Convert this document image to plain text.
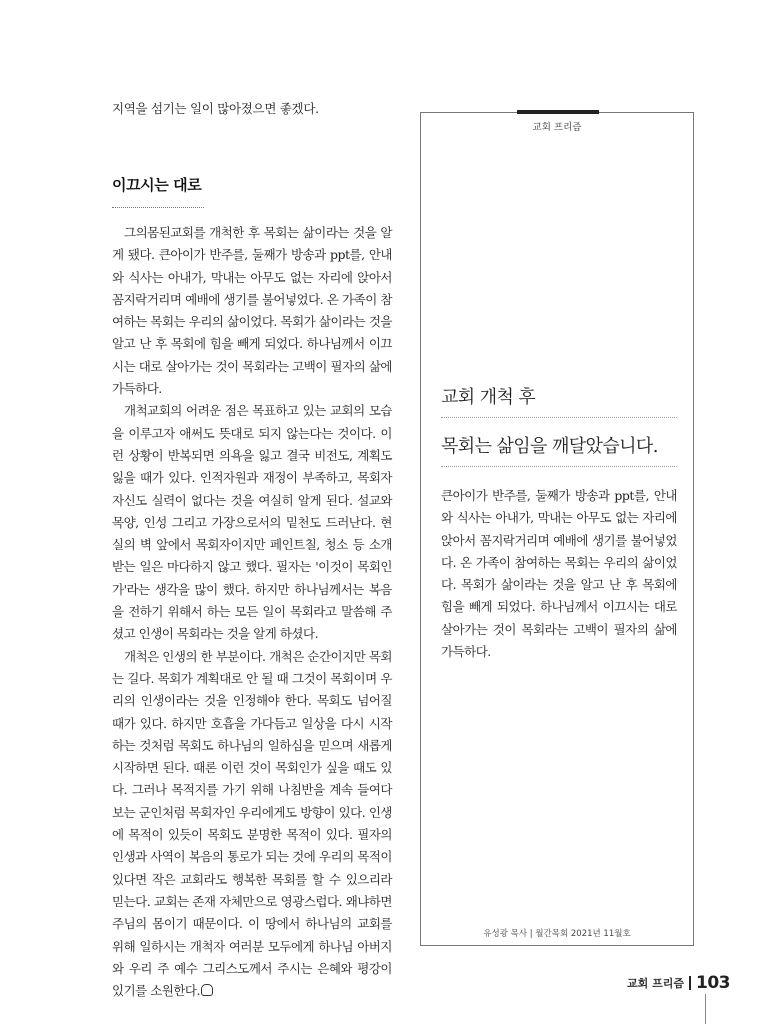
지역을 섬기는 일이 많아졌으면 좋겠다.

이끄시는 대로

그의몸된교회를 개척한 후 목회는 삶이라는 것을 알게 됐다. 큰아이가 반주를, 둘째가 방송과 ppt를, 안내와 식사는 아내가, 막내는 아무도 없는 자리에 앉아서 꼼지락거리며 예배에 생기를 불어넣었다. 온 가족이 참여하는 목회는 우리의 삶이었다. 목회가 삶이라는 것을 알고 난 후 목회에 힘을 빼게 되었다. 하나님께서 이끄시는 대로 살아가는 것이 목회라는 고백이 필자의 삶에 가득하다.

개척교회의 어려운 점은 목표하고 있는 교회의 모습을 이루고자 애써도 뜻대로 되지 않는다는 것이다. 이런 상황이 반복되면 의욕을 잃고 결국 비전도, 계획도 잃을 때가 있다. 인적자원과 재정이 부족하고, 목회자 자신도 실력이 없다는 것을 여실히 알게 된다. 설교와 목양, 인성 그리고 가장으로서의 밑천도 드러난다. 현실의 벽 앞에서 목회자이지만 페인트칠, 청소 등 소개받는 일은 마다하지 않고 했다. 필자는 '이것이 목회인가'라는 생각을 많이 했다. 하지만 하나님께서는 복음을 전하기 위해서 하는 모든 일이 목회라고 말씀해 주셨고 인생이 목회라는 것을 알게 하셨다.

개척은 인생의 한 부분이다. 개척은 순간이지만 목회는 길다. 목회가 계획대로 안 될 때 그것이 목회이며 우리의 인생이라는 것을 인정해야 한다. 목회도 넘어질 때가 있다. 하지만 호흡을 가다듬고 일상을 다시 시작하는 것처럼 목회도 하나님의 일하심을 믿으며 새롭게 시작하면 된다. 때론 이런 것이 목회인가 싶을 때도 있다. 그러나 목적지를 가기 위해 나침반을 계속 들여다보는 군인처럼 목회자인 우리에게도 방향이 있다. 인생에 목적이 있듯이 목회도 분명한 목적이 있다. 필자의 인생과 사역이 복음의 통로가 되는 것에 우리의 목적이 있다면 작은 교회라도 행복한 목회를 할 수 있으리라 믿는다. 교회는 존재 자체만으로 영광스럽다. 왜냐하면 주님의 몸이기 때문이다. 이 땅에서 하나님의 교회를 위해 일하시는 개척자 여러분 모두에게 하나님 아버지와 우리 주 예수 그리스도께서 주시는 은혜와 평강이 있기를 소원한다.

교회 프리즘

교회 개척 후

목회는 삶임을 깨달았습니다.

큰아이가 반주를, 둘째가 방송과 ppt를, 안내와 식사는 아내가, 막내는 아무도 없는 자리에 앉아서 꼼지락거리며 예배에 생기를 불어넣었다. 온 가족이 참여하는 목회는 우리의 삶이었다. 목회가 삶이라는 것을 알고 난 후 목회에 힘을 빼게 되었다. 하나님께서 이끄시는 대로 살아가는 것이 목회라는 고백이 필자의 삶에 가득하다.

유성광 목사 | 월간목회 2021년 11월호
교회 프리즘 103
